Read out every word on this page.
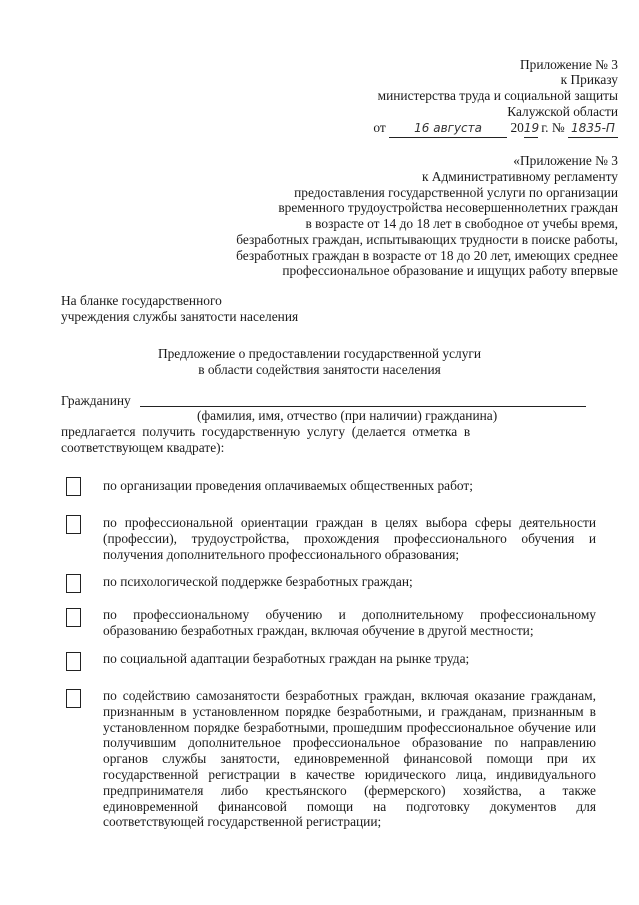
Приложение № 3
к Приказу
министерства труда и социальной защиты
Калужской области
от 16 августа 2019 г. № 1835-П
«Приложение № 3
к Административному регламенту
предоставления государственной услуги по организации
временного трудоустройства несовершеннолетних граждан
в возрасте от 14 до 18 лет в свободное от учебы время,
безработных граждан, испытывающих трудности в поиске работы,
безработных граждан в возрасте от 18 до 20 лет, имеющих среднее
профессиональное образование и ищущих работу впервые
На бланке государственного
учреждения службы занятости населения
Предложение о предоставлении государственной услуги
в области содействия занятости населения
Гражданину
(фамилия, имя, отчество (при наличии) гражданина)
предлагается  получить  государственную  услугу  (делается  отметка  в
соответствующем квадрате):
по организации проведения оплачиваемых общественных работ;
по профессиональной ориентации граждан в целях выбора сферы деятельности (профессии), трудоустройства, прохождения профессионального обучения и получения дополнительного профессионального образования;
по психологической поддержке безработных граждан;
по профессиональному обучению и дополнительному профессиональному образованию безработных граждан, включая обучение в другой местности;
по социальной адаптации безработных граждан на рынке труда;
по содействию самозанятости безработных граждан, включая оказание гражданам, признанным в установленном порядке безработными, и гражданам, признанным в установленном порядке безработными, прошедшим профессиональное обучение или получившим дополнительное профессиональное образование по направлению органов службы занятости, единовременной финансовой помощи при их государственной регистрации в качестве юридического лица, индивидуального предпринимателя либо крестьянского (фермерского) хозяйства, а также единовременной финансовой помощи на подготовку документов для соответствующей государственной регистрации;
